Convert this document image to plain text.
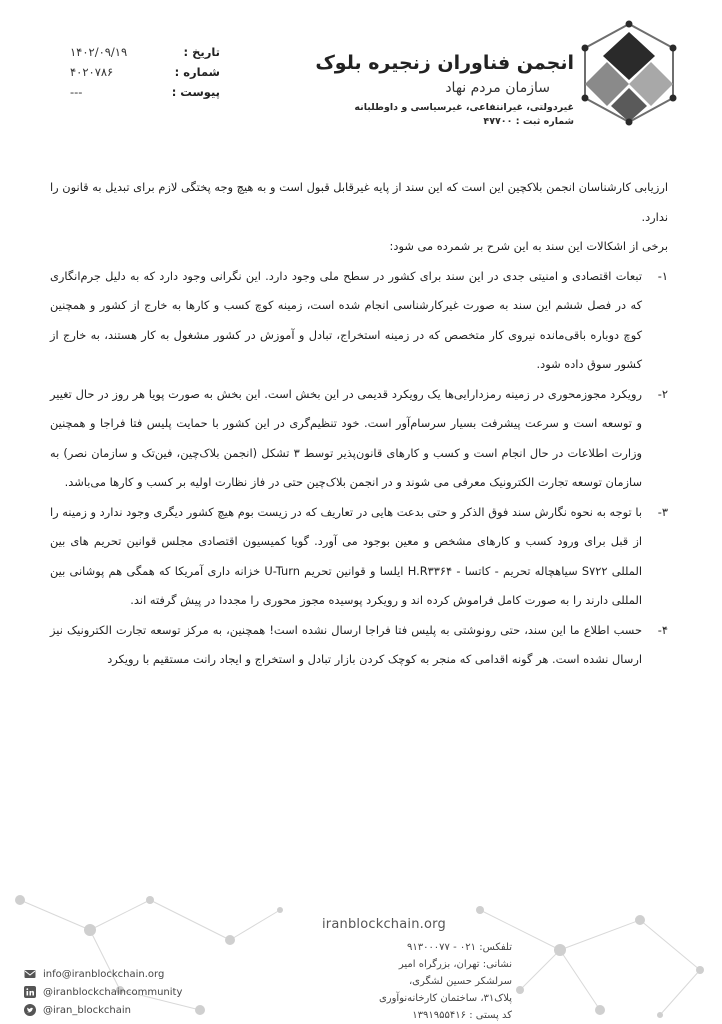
انجمن فناوران زنجیره بلوک
سازمان مردم نهاد
غیردولتی، غیرانتفاعی، غیرسیاسی و داوطلبانه
شماره ثبت : ۴۷۷۰۰
تاریخ :
۱۴۰۲/۰۹/۱۹
شماره :
۴۰۲۰۷۸۶
پیوست :
---

ارزیابی کارشناسان انجمن بلاکچین این است که این سند از پایه غیرقابل قبول است و به هیچ وجه پختگی لازم برای تبدیل به قانون را ندارد.

برخی از اشکالات این سند به این شرح بر شمرده می شود:

۱-
تبعات اقتصادی و امنیتی جدی در این سند برای کشور در سطح ملی وجود دارد. این نگرانی وجود دارد که به دلیل جرم‌انگاری که در فصل ششم این سند به صورت غیرکارشناسی انجام شده است، زمینه کوچ کسب و کارها به خارج از کشور و همچنین کوچ دوباره باقی‌مانده نیروی کار متخصص که در زمینه استخراج، تبادل و آموزش در کشور مشغول به کار هستند، به خارج از کشور سوق داده شود.
۲-
رویکرد مجوزمحوری در زمینه رمزدارایی‌ها یک رویکرد قدیمی در این بخش است. این بخش به صورت پویا هر روز در حال تغییر و توسعه است و سرعت پیشرفت بسیار سرسام‌آور است. خود تنظیم‌گری در این کشور با حمایت پلیس فتا فراجا و همچنین وزارت اطلاعات در حال انجام است و کسب و کارهای قانون‌پذیر توسط ۳ تشکل (انجمن بلاک‌چین، فین‌تک و سازمان نصر) به سازمان توسعه تجارت الکترونیک معرفی می شوند و در انجمن بلاک‌چین حتی در فاز نظارت اولیه بر کسب و کارها می‌باشد.
۳-
با توجه به نحوه نگارش سند فوق الذکر و حتی بدعت هایی در تعاریف که در زیست بوم هیچ کشور دیگری وجود ندارد و زمینه را از قبل برای ورود کسب و کارهای مشخص و معین بوجود می آورد. گویا کمیسیون اقتصادی مجلس قوانین تحریم های بین المللی S۷۲۲ سیاهچاله تحریم - کاتسا - H.R۳۳۶۴ ایلسا و قوانین تحریم U-Turn خزانه داری آمریکا که همگی هم پوشانی بین المللی دارند را به صورت کامل فراموش کرده اند و رویکرد پوسیده مجوز محوری را مجددا در پیش گرفته اند.
۴-
حسب اطلاع ما این سند، حتی رونوشتی به پلیس فتا فراجا ارسال نشده است! همچنین، به مرکز توسعه تجارت الکترونیک نیز ارسال نشده است. هر گونه اقدامی که منجر به کوچک کردن بازار تبادل و استخراج و ایجاد رانت مستقیم با رویکرد
iranblockchain.org
تلفکس: ۰۲۱ - ۹۱۳۰۰۰۷۷
نشانی: تهران، بزرگراه امیر
سرلشکر حسین لشگری،
پلاک۳۱، ساختمان کارخانه‌نوآوری
کد پستی : ۱۳۹۱۹۵۵۴۱۶
info@iranblockchain.org
@iranblockchaincommunity
@iran_blockchain
